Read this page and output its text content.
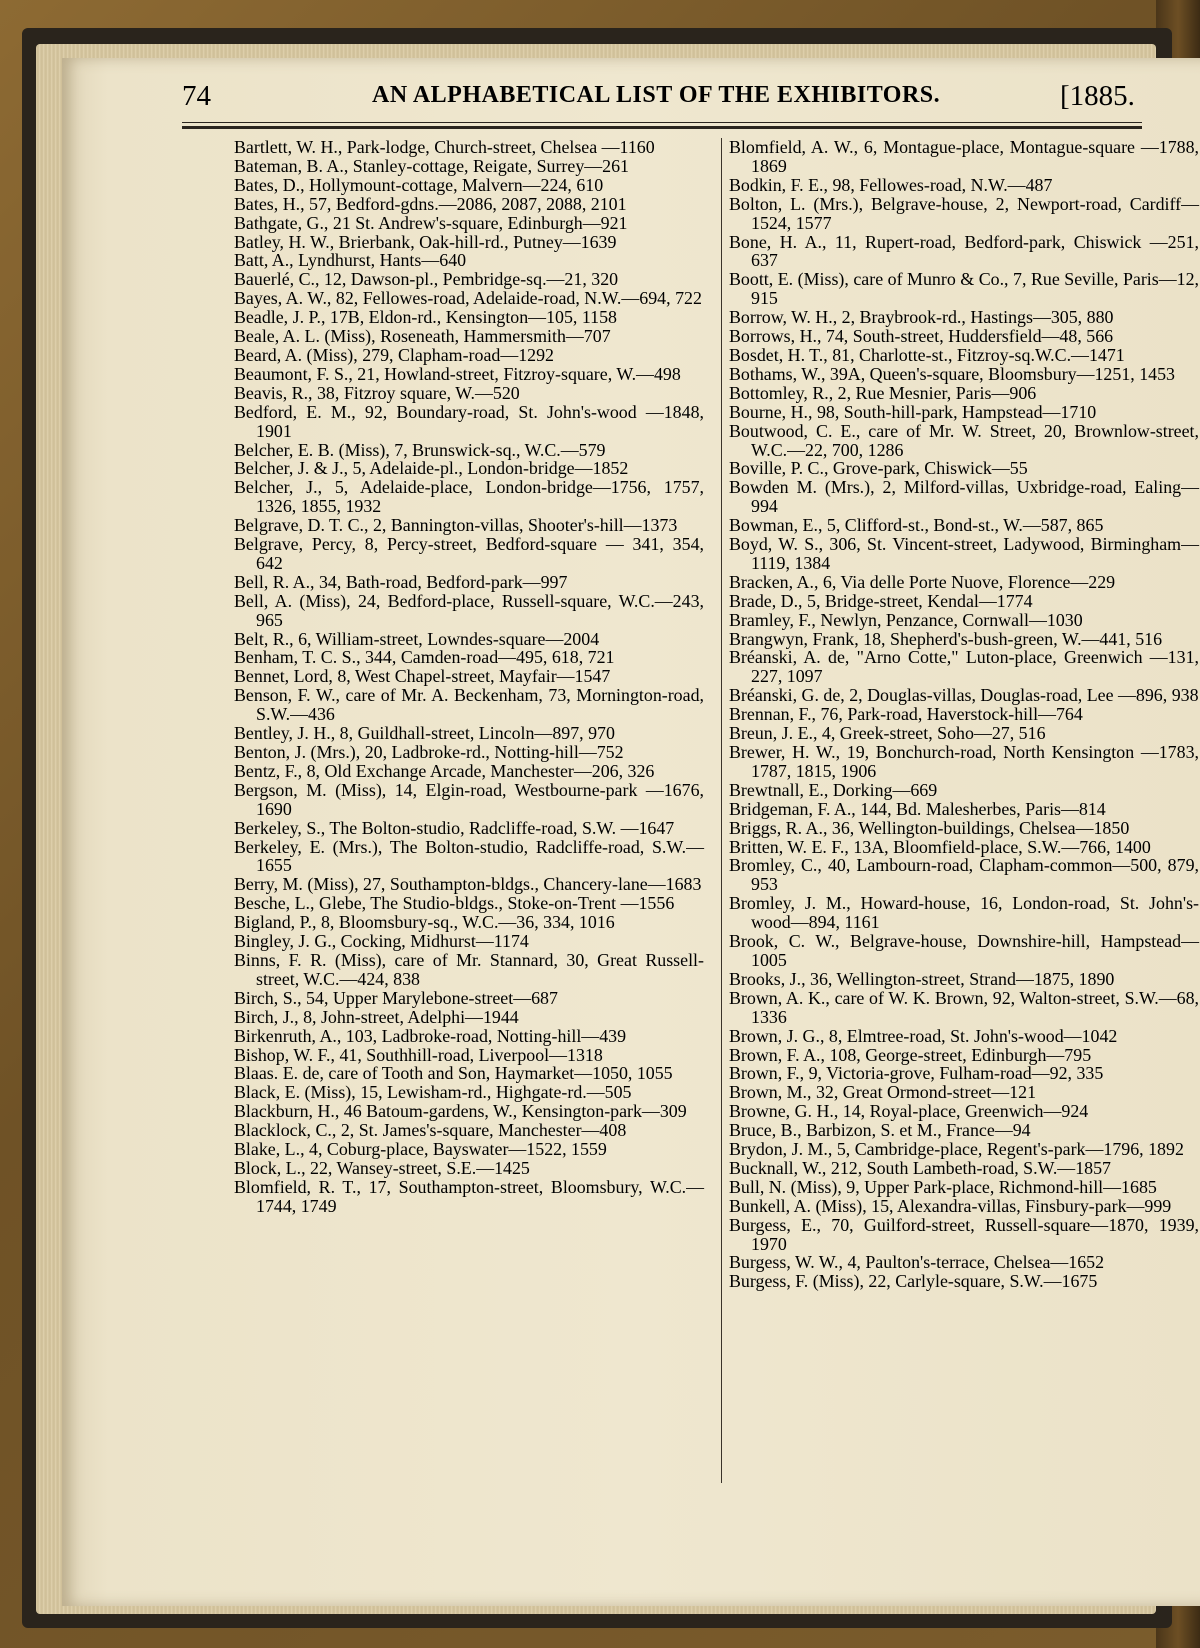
74	AN ALPHABETICAL LIST OF THE EXHIBITORS.	[1885.

Bartlett, W. H., Park-lodge, Church-street, Chelsea —1160

Bateman, B. A., Stanley-cottage, Reigate, Surrey—261

Bates, D., Hollymount-cottage, Malvern—224, 610

Bates, H., 57, Bedford-gdns.—2086, 2087, 2088, 2101

Bathgate, G., 21 St. Andrew's-square, Edinburgh—921

Batley, H. W., Brierbank, Oak-hill-rd., Putney—1639

Batt, A., Lyndhurst, Hants—640

Bauerlé, C., 12, Dawson-pl., Pembridge-sq.—21, 320

Bayes, A. W., 82, Fellowes-road, Adelaide-road, N.W.—694, 722

Beadle, J. P., 17B, Eldon-rd., Kensington—105, 1158

Beale, A. L. (Miss), Roseneath, Hammersmith—707

Beard, A. (Miss), 279, Clapham-road—1292

Beaumont, F. S., 21, Howland-street, Fitzroy-square, W.—498

Beavis, R., 38, Fitzroy square, W.—520

Bedford, E. M., 92, Boundary-road, St. John's-wood —1848, 1901

Belcher, E. B. (Miss), 7, Brunswick-sq., W.C.—579

Belcher, J. & J., 5, Adelaide-pl., London-bridge—1852

Belcher, J., 5, Adelaide-place, London-bridge—1756, 1757, 1326, 1855, 1932

Belgrave, D. T. C., 2, Bannington-villas, Shooter's-hill—1373

Belgrave, Percy, 8, Percy-street, Bedford-square — 341, 354, 642

Bell, R. A., 34, Bath-road, Bedford-park—997

Bell, A. (Miss), 24, Bedford-place, Russell-square, W.C.—243, 965

Belt, R., 6, William-street, Lowndes-square—2004

Benham, T. C. S., 344, Camden-road—495, 618, 721

Bennet, Lord, 8, West Chapel-street, Mayfair—1547

Benson, F. W., care of Mr. A. Beckenham, 73, Mornington-road, S.W.—436

Bentley, J. H., 8, Guildhall-street, Lincoln—897, 970

Benton, J. (Mrs.), 20, Ladbroke-rd., Notting-hill—752

Bentz, F., 8, Old Exchange Arcade, Manchester—206, 326

Bergson, M. (Miss), 14, Elgin-road, Westbourne-park —1676, 1690

Berkeley, S., The Bolton-studio, Radcliffe-road, S.W. —1647

Berkeley, E. (Mrs.), The Bolton-studio, Radcliffe-road, S.W.—1655

Berry, M. (Miss), 27, Southampton-bldgs., Chancery-lane—1683

Besche, L., Glebe, The Studio-bldgs., Stoke-on-Trent —1556

Bigland, P., 8, Bloomsbury-sq., W.C.—36, 334, 1016

Bingley, J. G., Cocking, Midhurst—1174

Binns, F. R. (Miss), care of Mr. Stannard, 30, Great Russell-street, W.C.—424, 838

Birch, S., 54, Upper Marylebone-street—687

Birch, J., 8, John-street, Adelphi—1944

Birkenruth, A., 103, Ladbroke-road, Notting-hill—439

Bishop, W. F., 41, Southhill-road, Liverpool—1318

Blaas. E. de, care of Tooth and Son, Haymarket—1050, 1055

Black, E. (Miss), 15, Lewisham-rd., Highgate-rd.—505

Blackburn, H., 46 Batoum-gardens, W., Kensington-park—309

Blacklock, C., 2, St. James's-square, Manchester—408

Blake, L., 4, Coburg-place, Bayswater—1522, 1559

Block, L., 22, Wansey-street, S.E.—1425

Blomfield, R. T., 17, Southampton-street, Bloomsbury, W.C.—1744, 1749

Blomfield, A. W., 6, Montague-place, Montague-square —1788, 1869

Bodkin, F. E., 98, Fellowes-road, N.W.—487

Bolton, L. (Mrs.), Belgrave-house, 2, Newport-road, Cardiff—1524, 1577

Bone, H. A., 11, Rupert-road, Bedford-park, Chiswick —251, 637

Boott, E. (Miss), care of Munro & Co., 7, Rue Seville, Paris—12, 915

Borrow, W. H., 2, Braybrook-rd., Hastings—305, 880

Borrows, H., 74, South-street, Huddersfield—48, 566

Bosdet, H. T., 81, Charlotte-st., Fitzroy-sq.W.C.—1471

Bothams, W., 39A, Queen's-square, Bloomsbury—1251, 1453

Bottomley, R., 2, Rue Mesnier, Paris—906

Bourne, H., 98, South-hill-park, Hampstead—1710

Boutwood, C. E., care of Mr. W. Street, 20, Brownlow-street, W.C.—22, 700, 1286

Boville, P. C., Grove-park, Chiswick—55

Bowden M. (Mrs.), 2, Milford-villas, Uxbridge-road, Ealing—994

Bowman, E., 5, Clifford-st., Bond-st., W.—587, 865

Boyd, W. S., 306, St. Vincent-street, Ladywood, Birmingham—1119, 1384

Bracken, A., 6, Via delle Porte Nuove, Florence—229

Brade, D., 5, Bridge-street, Kendal—1774

Bramley, F., Newlyn, Penzance, Cornwall—1030

Brangwyn, Frank, 18, Shepherd's-bush-green, W.—441, 516

Bréanski, A. de, "Arno Cotte," Luton-place, Greenwich —131, 227, 1097

Bréanski, G. de, 2, Douglas-villas, Douglas-road, Lee —896, 938

Brennan, F., 76, Park-road, Haverstock-hill—764

Breun, J. E., 4, Greek-street, Soho—27, 516

Brewer, H. W., 19, Bonchurch-road, North Kensington —1783, 1787, 1815, 1906

Brewtnall, E., Dorking—669

Bridgeman, F. A., 144, Bd. Malesherbes, Paris—814

Briggs, R. A., 36, Wellington-buildings, Chelsea—1850

Britten, W. E. F., 13A, Bloomfield-place, S.W.—766, 1400

Bromley, C., 40, Lambourn-road, Clapham-common—500, 879, 953

Bromley, J. M., Howard-house, 16, London-road, St. John's-wood—894, 1161

Brook, C. W., Belgrave-house, Downshire-hill, Hampstead—1005

Brooks, J., 36, Wellington-street, Strand—1875, 1890

Brown, A. K., care of W. K. Brown, 92, Walton-street, S.W.—68, 1336

Brown, J. G., 8, Elmtree-road, St. John's-wood—1042

Brown, F. A., 108, George-street, Edinburgh—795

Brown, F., 9, Victoria-grove, Fulham-road—92, 335

Brown, M., 32, Great Ormond-street—121

Browne, G. H., 14, Royal-place, Greenwich—924

Bruce, B., Barbizon, S. et M., France—94

Brydon, J. M., 5, Cambridge-place, Regent's-park—1796, 1892

Bucknall, W., 212, South Lambeth-road, S.W.—1857

Bull, N. (Miss), 9, Upper Park-place, Richmond-hill—1685

Bunkell, A. (Miss), 15, Alexandra-villas, Finsbury-park—999

Burgess, E., 70, Guilford-street, Russell-square—1870, 1939, 1970

Burgess, W. W., 4, Paulton's-terrace, Chelsea—1652

Burgess, F. (Miss), 22, Carlyle-square, S.W.—1675
